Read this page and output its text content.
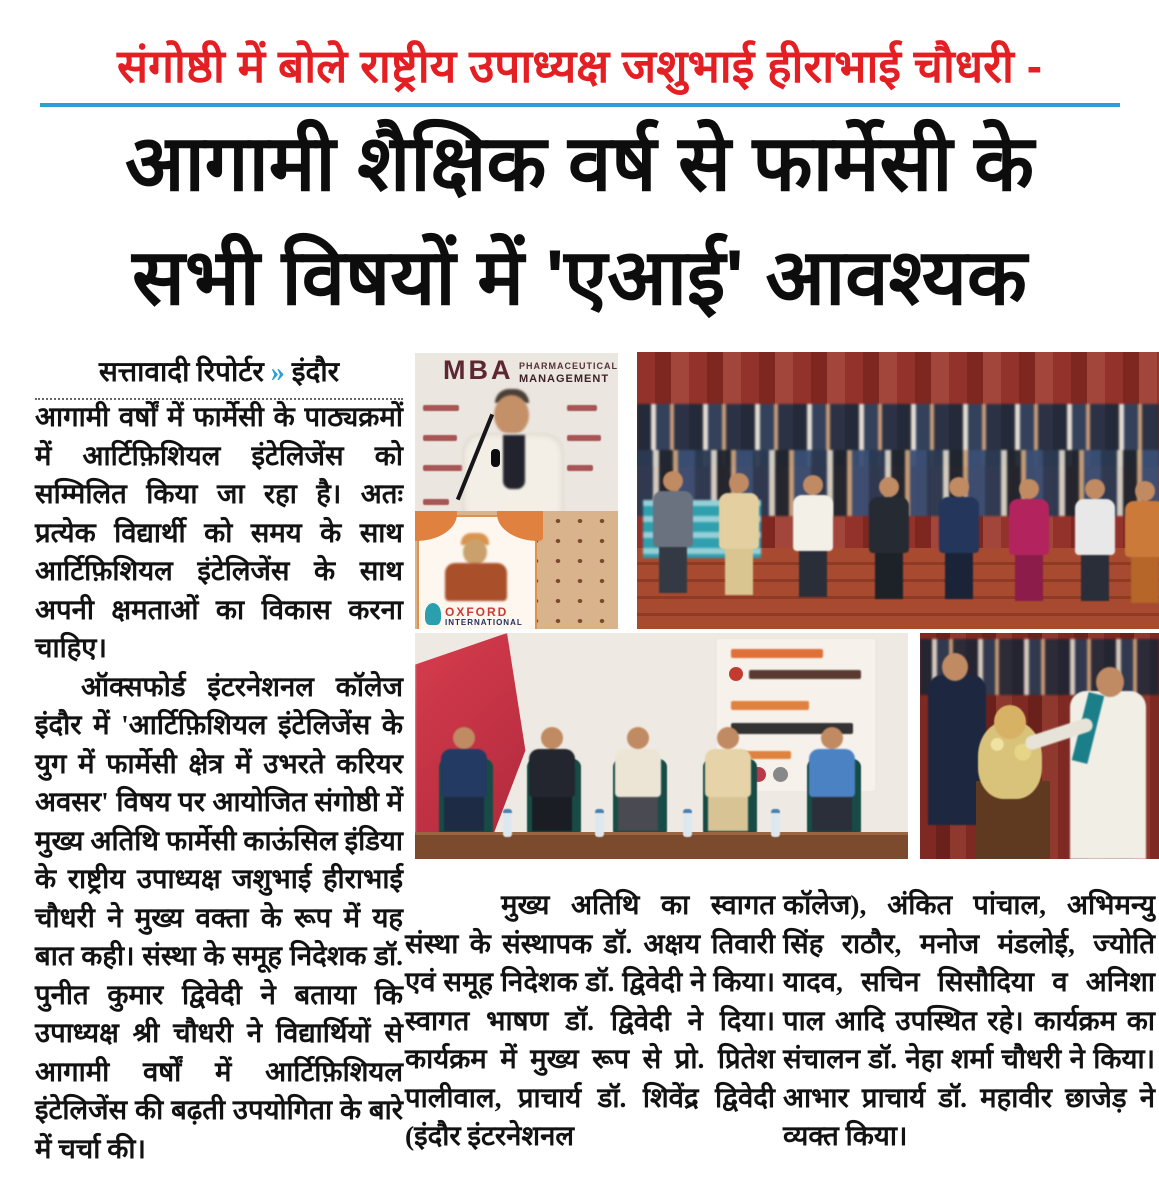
संगोष्ठी में बोले राष्ट्रीय उपाध्यक्ष जशुभाई हीराभाई चौधरी -
आगामी शैक्षिक वर्ष से फार्मेसी के
सभी विषयों में 'एआई' आवश्यक
सत्तावादी रिपोर्टर » इंदौर

आगामी वर्षों में फार्मेसी के पाठ्यक्रमों में आर्टिफ़िशियल इंटेलिजेंस को सम्मिलित किया जा रहा है। अतः प्रत्येक विद्यार्थी को समय के साथ आर्टिफ़िशियल इंटेलिजेंस के साथ अपनी क्षमताओं का विकास करना चाहिए।

ऑक्सफोर्ड इंटरनेशनल कॉलेज इंदौर में 'आर्टिफ़िशियल इंटेलिजेंस के युग में फार्मेसी क्षेत्र में उभरते करियर अवसर' विषय पर आयोजित संगोष्ठी में मुख्य अतिथि फार्मेसी काऊंसिल इंडिया के राष्ट्रीय उपाध्यक्ष जशुभाई हीराभाई चौधरी ने मुख्य वक्ता के रूप में यह बात कही। संस्था के समूह निदेशक डॉ. पुनीत कुमार द्विवेदी ने बताया कि उपाध्यक्ष श्री चौधरी ने विद्यार्थियों से आगामी वर्षों में आर्टिफ़िशियल इंटेलिजेंस की बढ़ती उपयोगिता के बारे में चर्चा की।

मुख्य अतिथि का स्वागत संस्था के संस्थापक डॉ. अक्षय तिवारी एवं समूह निदेशक डॉ. द्विवेदी ने किया। स्वागत भाषण डॉ. द्विवेदी ने दिया। कार्यक्रम में मुख्य रूप से प्रो. प्रितेश पालीवाल, प्राचार्य डॉ. शिवेंद्र द्विवेदी (इंदौर इंटरनेशनल
कॉलेज), अंकित पांचाल, अभिमन्यु सिंह राठौर, मनोज मंडलोई, ज्योति यादव, सचिन सिसौदिया व अनिशा पाल आदि उपस्थित रहे। कार्यक्रम का संचालन डॉ. नेहा शर्मा चौधरी ने किया। आभार प्राचार्य डॉ. महावीर छाजेड़ ने व्यक्त किया।
MBA PHARMACEUTICAL
MANAGEMENT
OXFORD
INTERNATIONAL
